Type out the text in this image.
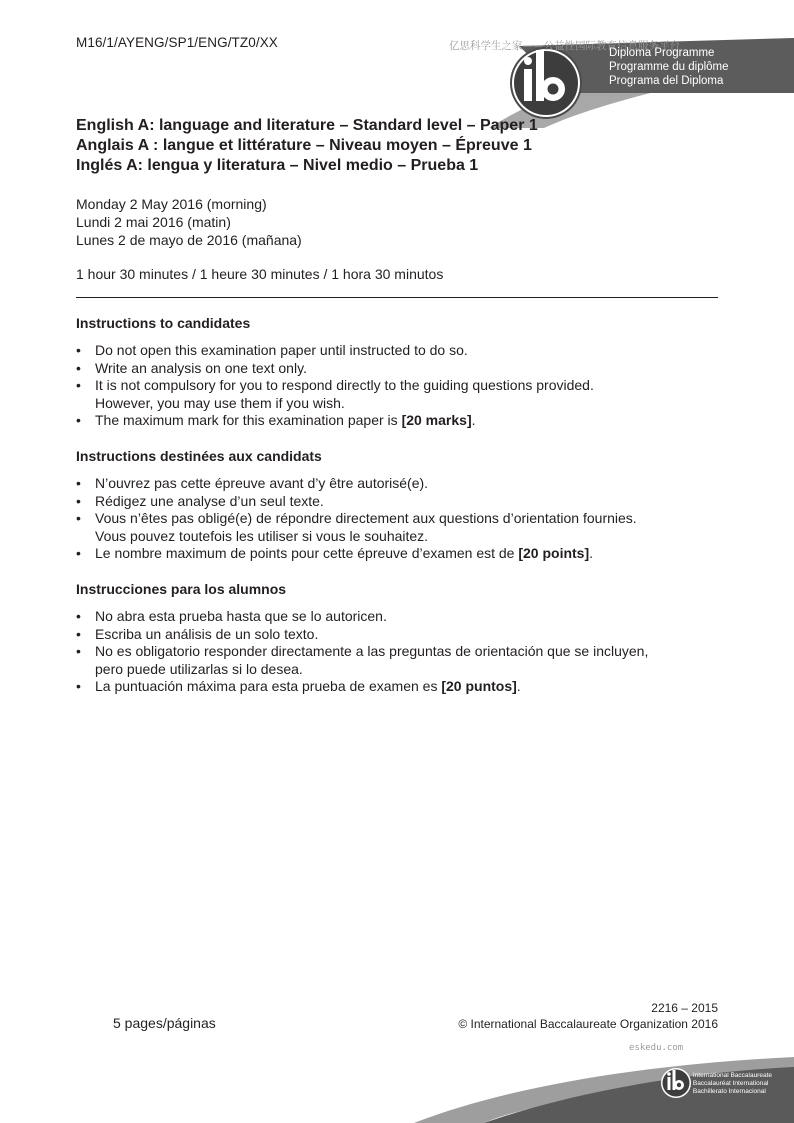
M16/1/AYENG/SP1/ENG/TZ0/XX	亿思科学生之家——公益性国际教育信息服务平台
Diploma Programme
Programme du diplôme
Programa del Diploma
English A: language and literature – Standard level – Paper 1
Anglais A : langue et littérature – Niveau moyen – Épreuve 1
Inglés A: lengua y literatura – Nivel medio – Prueba 1
Monday 2 May 2016 (morning)
Lundi 2 mai 2016 (matin)
Lunes 2 de mayo de 2016 (mañana)
1 hour 30 minutes / 1 heure 30 minutes / 1 hora 30 minutos
Instructions to candidates
• Do not open this examination paper until instructed to do so.
• Write an analysis on one text only.
• It is not compulsory for you to respond directly to the guiding questions provided.
However, you may use them if you wish.
• The maximum mark for this examination paper is [20 marks].
Instructions destinées aux candidats
• N’ouvrez pas cette épreuve avant d’y être autorisé(e).
• Rédigez une analyse d’un seul texte.
• Vous n’êtes pas obligé(e) de répondre directement aux questions d’orientation fournies.
Vous pouvez toutefois les utiliser si vous le souhaitez.
• Le nombre maximum de points pour cette épreuve d’examen est de [20 points].
Instrucciones para los alumnos
• No abra esta prueba hasta que se lo autoricen.
• Escriba un análisis de un solo texto.
• No es obligatorio responder directamente a las preguntas de orientación que se incluyen,
pero puede utilizarlas si lo desea.
• La puntuación máxima para esta prueba de examen es [20 puntos].
2216 – 2015
© International Baccalaureate Organization 2016
5 pages/páginas
eskedu.com
International Baccalaureate
Baccalauréat International
Bachillerato Internacional
